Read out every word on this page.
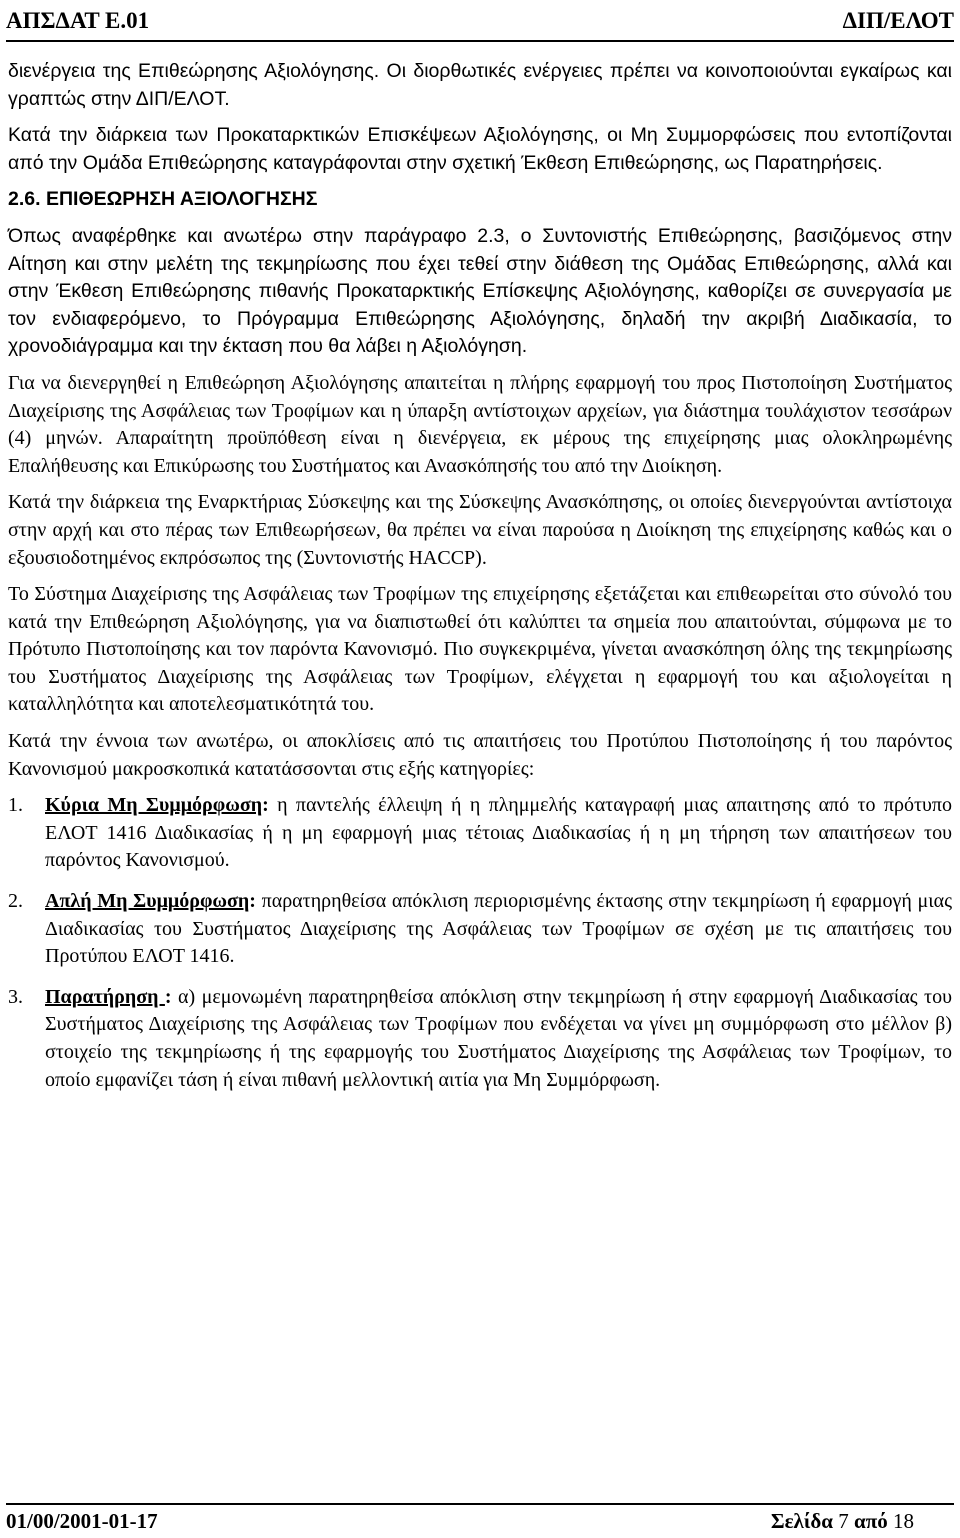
ΑΠΣΔΑΤ Ε.01	ΔΙΠ/ΕΛΟΤ

διενέργεια της Επιθεώρησης Αξιολόγησης. Οι διορθωτικές ενέργειες πρέπει να κοινοποιούνται εγκαίρως και γραπτώς στην ΔΙΠ/ΕΛΟΤ.

Κατά την διάρκεια των Προκαταρκτικών Επισκέψεων Αξιολόγησης, οι Μη Συμμορφώσεις που εντοπίζονται από την Ομάδα Επιθεώρησης καταγράφονται στην σχετική Έκθεση Επιθεώρησης, ως Παρατηρήσεις.

2.6. ΕΠΙΘΕΩΡΗΣΗ ΑΞΙΟΛΟΓΗΣΗΣ

Όπως αναφέρθηκε και ανωτέρω στην παράγραφο 2.3, ο Συντονιστής Επιθεώρησης, βασιζόμενος στην Αίτηση και στην μελέτη της τεκμηρίωσης που έχει τεθεί στην διάθεση της Ομάδας Επιθεώρησης, αλλά και στην Έκθεση Επιθεώρησης πιθανής Προκαταρκτικής Επίσκεψης Αξιολόγησης, καθορίζει σε συνεργασία με τον ενδιαφερόμενο, το Πρόγραμμα Επιθεώρησης Αξιολόγησης, δηλαδή την ακριβή Διαδικασία, το χρονοδιάγραμμα και την έκταση που θα λάβει η Αξιολόγηση.

Για να διενεργηθεί η Επιθεώρηση Αξιολόγησης απαιτείται η πλήρης εφαρμογή του προς Πιστοποίηση Συστήματος Διαχείρισης της Ασφάλειας των Τροφίμων και η ύπαρξη αντίστοιχων αρχείων, για διάστημα τουλάχιστον τεσσάρων (4) μηνών. Απαραίτητη προϋπόθεση είναι η διενέργεια, εκ μέρους της επιχείρησης μιας ολοκληρωμένης Επαλήθευσης και Επικύρωσης του Συστήματος και Ανασκόπησής του από την Διοίκηση.

Κατά την διάρκεια της Εναρκτήριας Σύσκεψης και της Σύσκεψης Ανασκόπησης, οι οποίες διενεργούνται αντίστοιχα στην αρχή και στο πέρας των Επιθεωρήσεων, θα πρέπει να είναι παρούσα η Διοίκηση της επιχείρησης καθώς και ο εξουσιοδοτημένος εκπρόσωπος της (Συντονιστής HACCP).

Το Σύστημα Διαχείρισης της Ασφάλειας των Τροφίμων της επιχείρησης εξετάζεται και επιθεωρείται στο σύνολό του κατά την Επιθεώρηση Αξιολόγησης, για να διαπιστωθεί ότι καλύπτει τα σημεία που απαιτούνται, σύμφωνα με το Πρότυπο Πιστοποίησης και τον παρόντα Κανονισμό. Πιο συγκεκριμένα, γίνεται ανασκόπηση όλης της τεκμηρίωσης του Συστήματος Διαχείρισης της Ασφάλειας των Τροφίμων, ελέγχεται η εφαρμογή του και αξιολογείται η καταλληλότητα και αποτελεσματικότητά του.

Κατά την έννοια των ανωτέρω, οι αποκλίσεις από τις απαιτήσεις του Προτύπου Πιστοποίησης ή του παρόντος Κανονισμού μακροσκοπικά κατατάσσονται στις εξής κατηγορίες:

1. Κύρια Μη Συμμόρφωση: η παντελής έλλειψη ή η πλημμελής καταγραφή μιας απαιτησης από το πρότυπο ΕΛΟΤ 1416 Διαδικασίας ή η μη εφαρμογή μιας τέτοιας Διαδικασίας ή η μη τήρηση των απαιτήσεων του παρόντος Κανονισμού.
2. Απλή Μη Συμμόρφωση: παρατηρηθείσα απόκλιση περιορισμένης έκτασης στην τεκμηρίωση ή εφαρμογή μιας Διαδικασίας του Συστήματος Διαχείρισης της Ασφάλειας των Τροφίμων σε σχέση με τις απαιτήσεις του Προτύπου ΕΛΟΤ 1416.
3. Παρατήρηση : α) μεμονωμένη παρατηρηθείσα απόκλιση στην τεκμηρίωση ή στην εφαρμογή Διαδικασίας του Συστήματος Διαχείρισης της Ασφάλειας των Τροφίμων που ενδέχεται να γίνει μη συμμόρφωση στο μέλλον β) στοιχείο της τεκμηρίωσης ή της εφαρμογής του Συστήματος Διαχείρισης της Ασφάλειας των Τροφίμων, το οποίο εμφανίζει τάση ή είναι πιθανή μελλοντική αιτία για Μη Συμμόρφωση.
01/00/2001-01-17	Σελίδα 7 από 18
